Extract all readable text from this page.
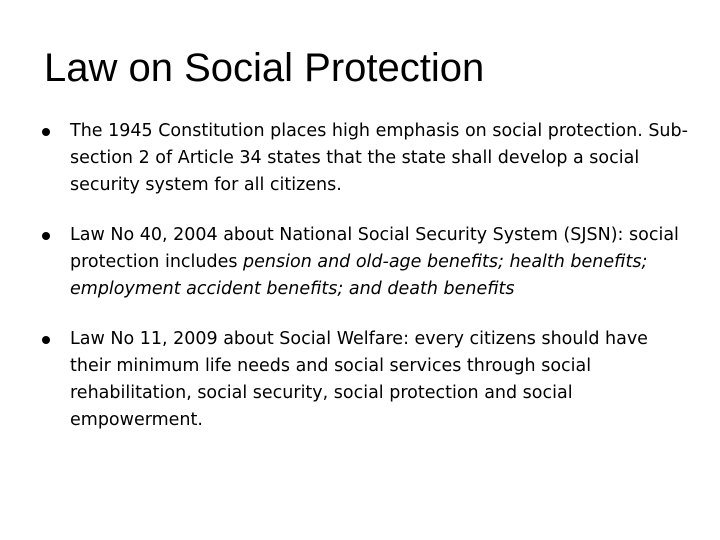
Law on Social Protection
The 1945 Constitution places high emphasis on social protection. Sub-section 2 of Article 34 states that the state shall develop a social security system for all citizens.
Law No 40, 2004 about National Social Security System (SJSN): social protection includes pension and old-age benefits; health benefits; employment accident benefits; and death benefits
Law No 11, 2009 about Social Welfare: every citizens should have their minimum life needs and social services through social rehabilitation, social security, social protection and social empowerment.
